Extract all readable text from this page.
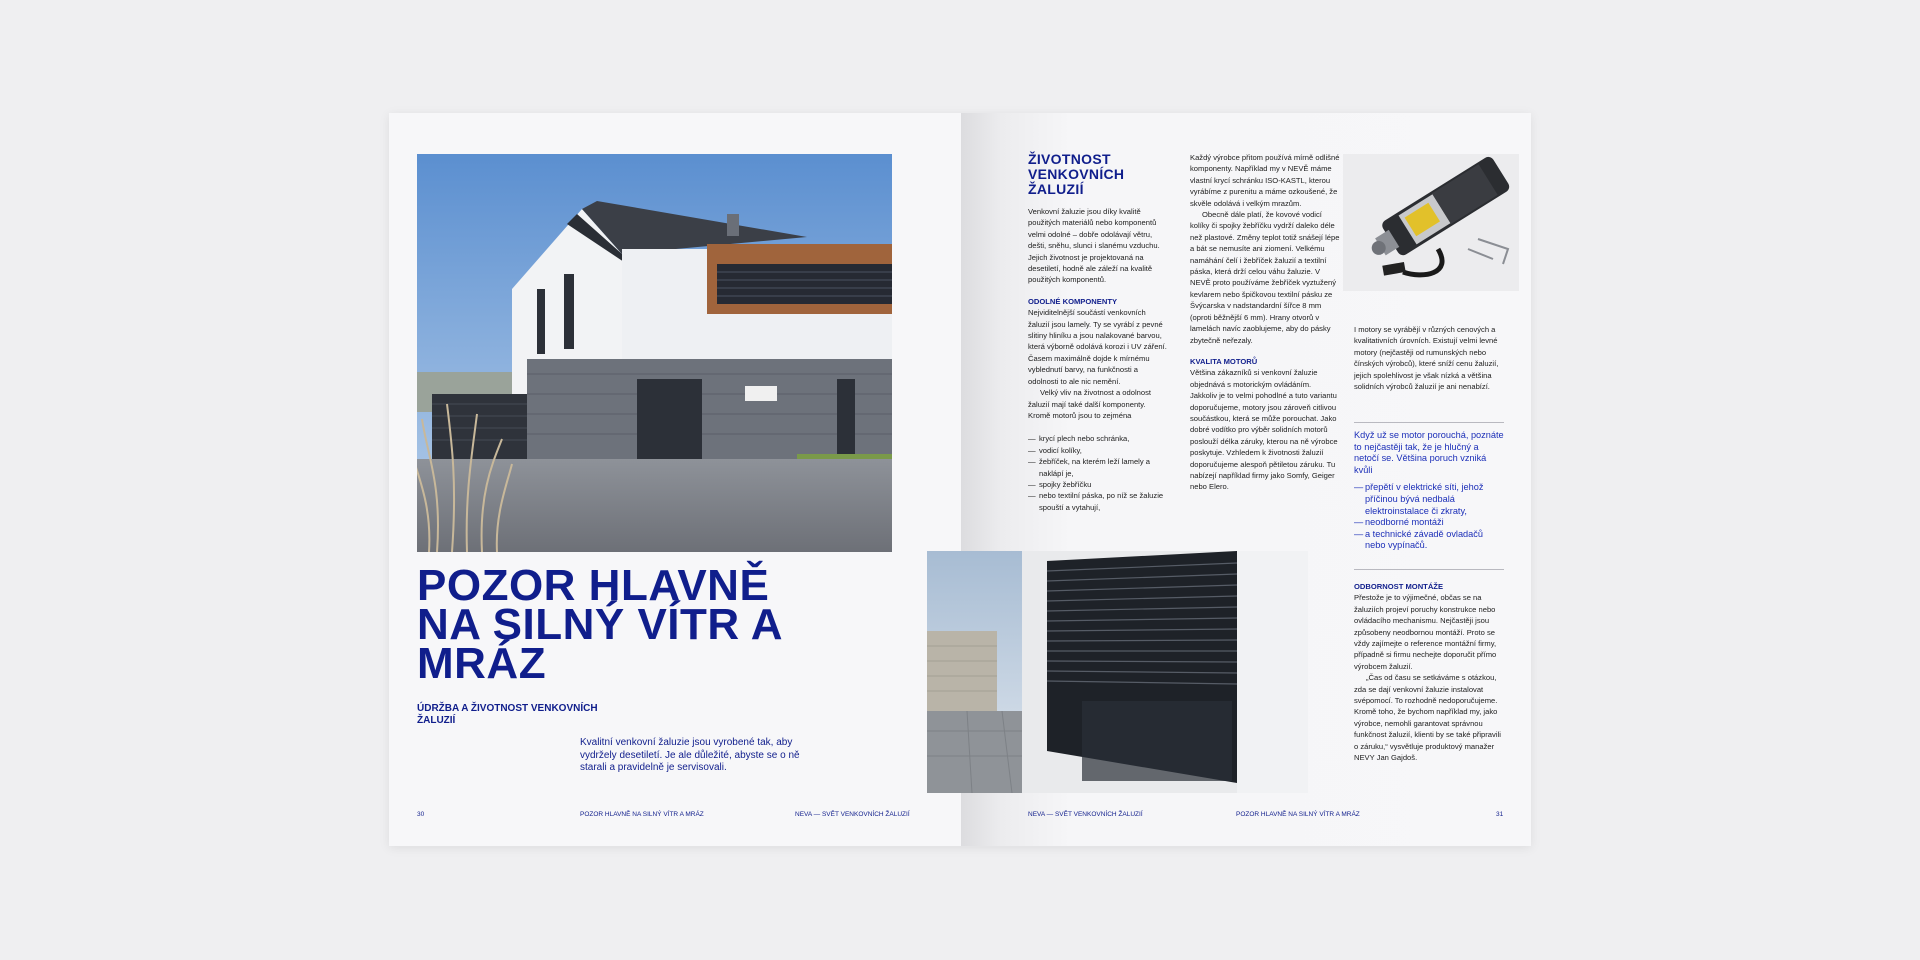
POZOR HLAVNĚ NA SILNÝ VÍTR A MRÁZ
ÚDRŽBA A ŽIVOTNOST VENKOVNÍCH ŽALUZIÍ
Kvalitní venkovní žaluzie jsou vyrobené tak, aby vydržely desetiletí. Je ale důležité, abyste se o ně starali a pravidelně je servisovali.
30	POZOR HLAVNĚ NA SILNÝ VÍTR A MRÁZ	NEVA — SVĚT VENKOVNÍCH ŽALUZIÍ
ŽIVOTNOST VENKOVNÍCH ŽALUZIÍ

Venkovní žaluzie jsou díky kvalitě použitých materiálů nebo komponentů velmi odolné – dobře odolávají větru, dešti, sněhu, slunci i slanému vzduchu. Jejich životnost je projektovaná na desetiletí, hodně ale záleží na kvalitě použitých komponentů.

ODOLNÉ KOMPONENTY

Nejviditelnější součástí venkovních žaluzií jsou lamely. Ty se vyrábí z pevné slitiny hliníku a jsou nalakované barvou, která výborně odolává korozi i UV záření. Časem maximálně dojde k mírnému vyblednutí barvy, na funkčnosti a odolnosti to ale nic nemění.

Velký vliv na životnost a odolnost žaluzií mají také další komponenty. Kromě motorů jsou to zejména

— krycí plech nebo schránka,
— vodicí kolíky,
— žebříček, na kterém leží lamely a naklápí je,
— spojky žebříčku
— nebo textilní páska, po níž se žaluzie spouští a vytahují,

Každý výrobce přitom používá mírně odlišné komponenty. Například my v NEVĚ máme vlastní krycí schránku ISO-KASTL, kterou vyrábíme z purenitu a máme ozkoušené, že skvěle odolává i velkým mrazům.

Obecně dále platí, že kovové vodicí kolíky či spojky žebříčku vydrží daleko déle než plastové. Změny teplot totiž snášejí lépe a bát se nemusíte ani ziomení. Velkému namáhání čelí i žebříček žaluzií a textilní páska, která drží celou váhu žaluzie. V NEVĚ proto používáme žebříček vyztužený kevlarem nebo špičkovou textilní pásku ze Švýcarska v nadstandardní šířce 8 mm (oproti běžnější 6 mm). Hrany otvorů v lamelách navíc zaoblujeme, aby do pásky zbytečně neřezaly.

KVALITA MOTORŮ

Většina zákazníků si venkovní žaluzie objednává s motorickým ovládáním. Jakkoliv je to velmi pohodlné a tuto variantu doporučujeme, motory jsou zároveň citlivou součástkou, která se může porouchat. Jako dobré vodítko pro výběr solidních motorů poslouží délka záruky, kterou na ně výrobce poskytuje. Vzhledem k životnosti žaluzií doporučujeme alespoň pětiletou záruku. Tu nabízejí například firmy jako Somfy, Geiger nebo Elero.

I motory se vyrábějí v různých cenových a kvalitativních úrovních. Existují velmi levné motory (nejčastěji od rumunských nebo čínských výrobců), které sníží cenu žaluzií, jejich spolehlivost je však nízká a většina solidních výrobců žaluzií je ani nenabízí.

Když už se motor porouchá, poznáte to nejčastěji tak, že je hlučný a netočí se. Většina poruch vzniká kvůli

— přepětí v elektrické síti, jehož příčinou bývá nedbalá elektroinstalace či zkraty,
— neodborné montáži
— a technické závadě ovladačů nebo vypínačů.
ODBORNOST MONTÁŽE

Přestože je to výjimečné, občas se na žaluziích projeví poruchy konstrukce nebo ovládacího mechanismu. Nejčastěji jsou způsobeny neodbornou montáží. Proto se vždy zajímejte o reference montážní firmy, případně si firmu nechejte doporučit přímo výrobcem žaluzií.

„Čas od času se setkáváme s otázkou, zda se dají venkovní žaluzie instalovat svépomocí. To rozhodně nedoporučujeme. Kromě toho, že bychom například my, jako výrobce, nemohli garantovat správnou funkčnost žaluzií, klienti by se také připravili o záruku,“ vysvětluje produktový manažer NEVY Jan Gajdoš.

NEVA — SVĚT VENKOVNÍCH ŽALUZIÍ	POZOR HLAVNĚ NA SILNÝ VÍTR A MRÁZ	31
